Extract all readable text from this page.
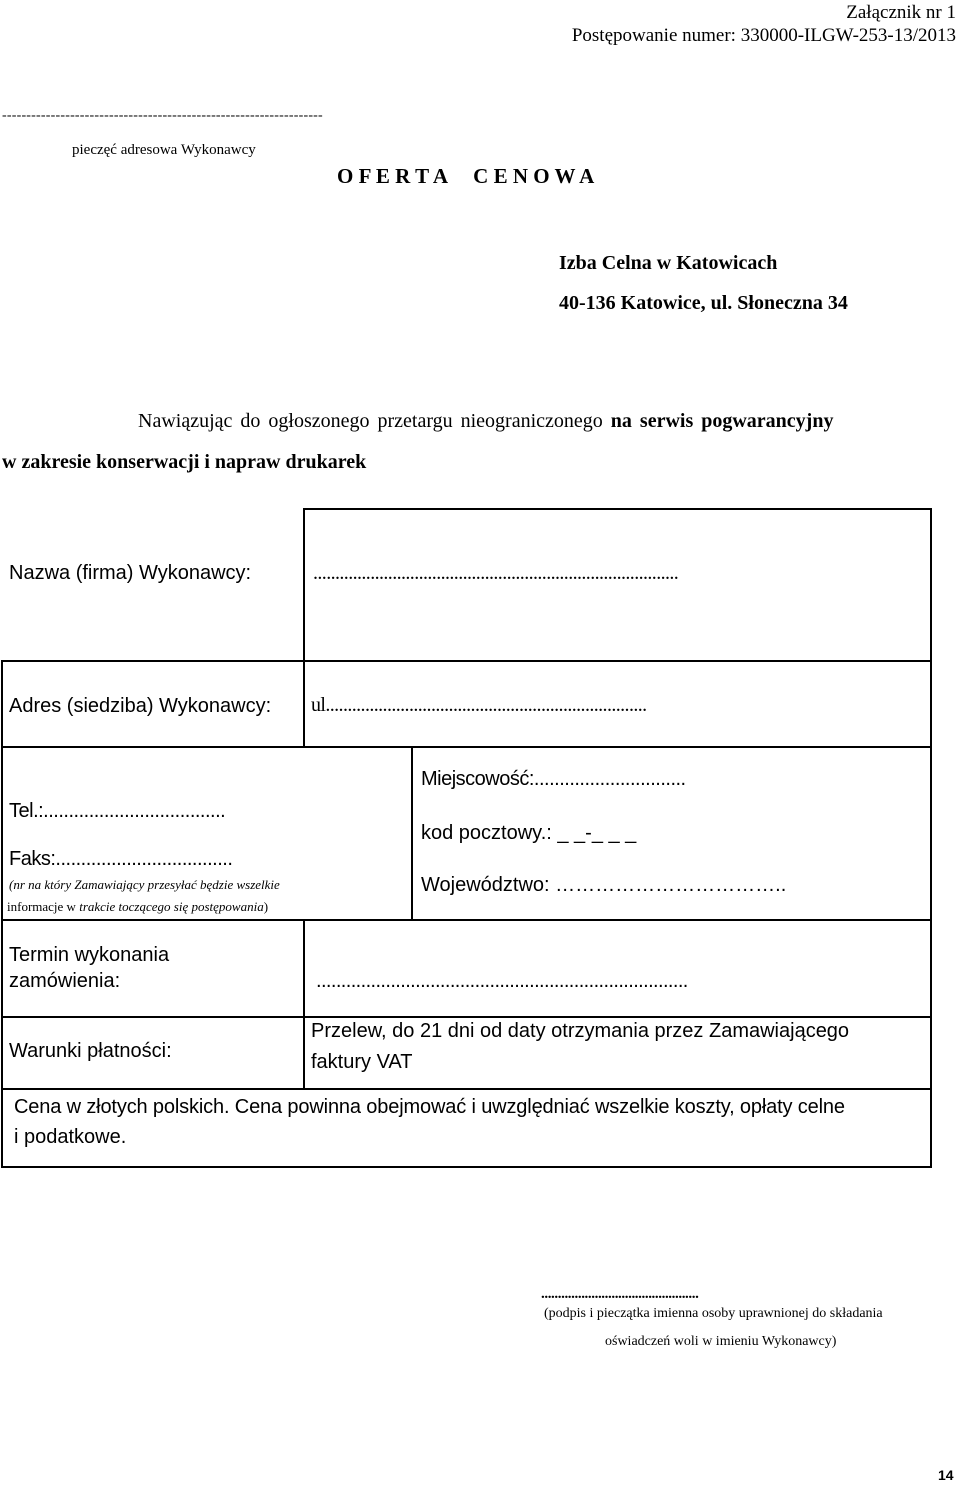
Załącznik nr 1
Postępowanie numer: 330000-ILGW-253-13/2013
------------------------------------------------------------------
pieczęć adresowa Wykonawcy
O F E R T A     C E N O W A
Izba Celna w Katowicach
40-136 Katowice, ul. Słoneczna 34
Nawiązując do ogłoszonego przetargu nieograniczonego na serwis pogwarancyjny
w zakresie konserwacji i napraw drukarek
Nazwa (firma) Wykonawcy:	...................................................................................
Adres (siedziba) Wykonawcy: ul.........................................................................
Tel.:....................................
Faks:...................................
(nr na który Zamawiający przesyłać będzie wszelkie
informacje w trakcie toczącego się postępowania)
Miejscowość:..............................
kod pocztowy.: _ _-_ _ _
Województwo: ……………………………..
Termin wykonania
zamówienia:	...........................................................................
Warunki płatności:
Przelew, do 21 dni od daty otrzymania przez Zamawiającego
faktury VAT
Cena w złotych polskich. Cena powinna obejmować i uwzględniać wszelkie koszty, opłaty celne
i podatkowe.
...............................................
(podpis i pieczątka imienna osoby uprawnionej do składania
oświadczeń woli w imieniu Wykonawcy)
14
